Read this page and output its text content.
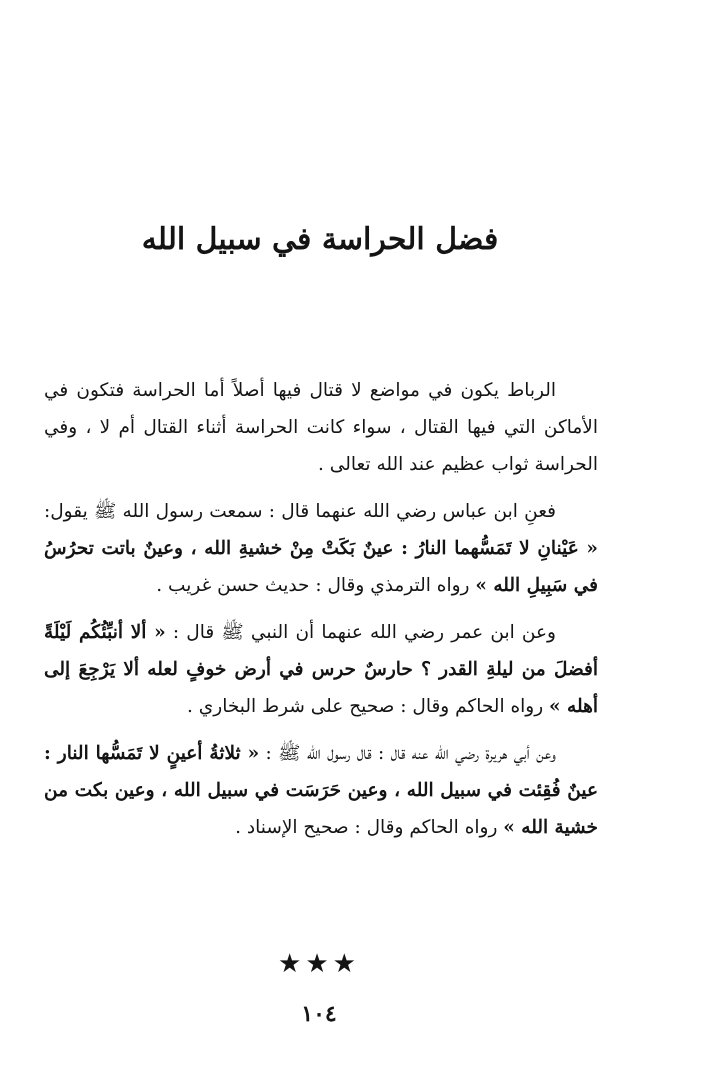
فضل الحراسة في سبيل الله

الرباط يكون في مواضع لا قتال فيها أصلاً أما الحراسة فتكون في الأماكن التي فيها القتال ، سواء كانت الحراسة أثناء القتال أم لا ، وفي الحراسة ثواب عظيم عند الله تعالى .

فعنِ ابن عباس رضي الله عنهما قال : سمعت رسول الله ﷺ يقول: « عَيْنانِ لا تَمَسُّهما النارُ : عينٌ بَكَتْ مِنْ خشيةِ الله ، وعينٌ باتت تحرُسُ في سَبِيلِ الله » رواه الترمذي وقال : حديث حسن غريب .

وعن ابن عمر رضي الله عنهما أن النبي ﷺ قال : « ألا أنبِّئُكُم لَيْلَةً أفضلَ من ليلةِ القدر ؟ حارسٌ حرس في أرض خوفٍ لعله ألا يَرْجِعَ إلى أهله » رواه الحاكم وقال : صحيح على شرط البخاري .

وعن أبي هريرة رضي الله عنه قال : قال رسول الله ﷺ : « ثلاثةُ أعينٍ لا تَمَسُّها النار : عينٌ فُقِئت في سبيل الله ، وعين حَرَسَت في سبيل الله ، وعين بكت من خشية الله » رواه الحاكم وقال : صحيح الإسناد .

★★★
١٠٤
